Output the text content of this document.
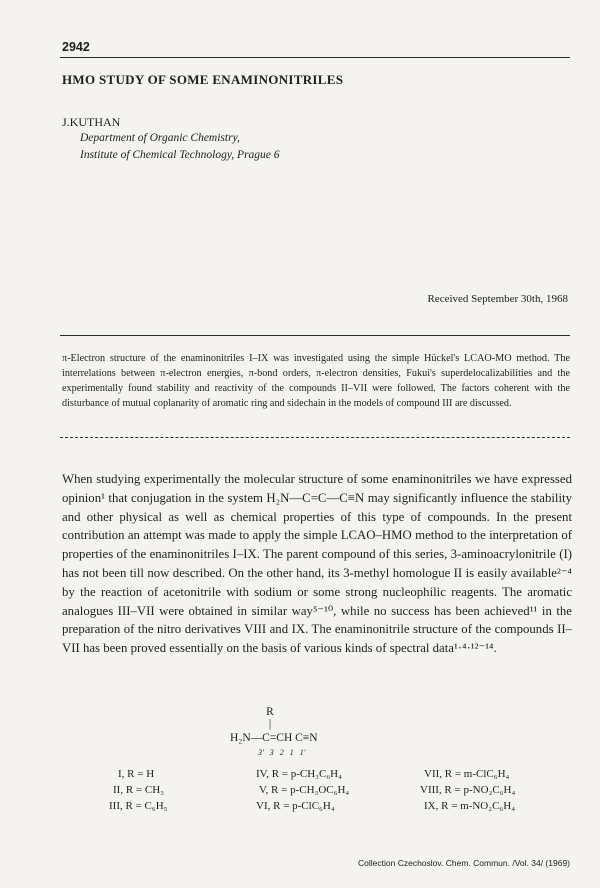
2942
HMO STUDY OF SOME ENAMINONITRILES
J.KUTHAN
Department of Organic Chemistry,
Institute of Chemical Technology, Prague 6
Received September 30th, 1968
π-Electron structure of the enaminonitriles I–IX was investigated using the simple Hückel's LCAO-MO method. The interrelations between π-electron energies, π-bond orders, π-electron densities, Fukui's superdelocalizabilities and the experimentally found stability and reactivity of the compounds II–VII were followed. The factors coherent with the disturbance of mutual coplanarity of aromatic ring and sidechain in the models of compound III are discussed.
When studying experimentally the molecular structure of some enaminonitriles we have expressed opinion¹ that conjugation in the system H₂N—C=C—C≡N may significantly influence the stability and other physical as well as chemical properties of this type of compounds. In the present contribution an attempt was made to apply the simple LCAO–HMO method to the interpretation of properties of the enaminonitriles I–IX. The parent compound of this series, 3-aminoacrylonitrile (I) has not been till now described. On the other hand, its 3-methyl homologue II is easily available²⁻⁴ by the reaction of acetonitrile with sodium or some strong nucleophilic reagents. The aromatic analogues III–VII were obtained in similar way⁵⁻¹⁰, while no success has been achieved¹¹ in the preparation of the nitro derivatives VIII and IX. The enaminonitrile structure of the compounds II–VII has been proved essentially on the basis of various kinds of spectral data¹·⁴·¹²⁻¹⁴.
R
|
H₂N—C=CH C≡N
3'   3   2   1   1'
I, R = H
II, R = CH₃
III, R = C₆H₅
IV, R = p-CH₃C₆H₄
V, R = p-CH₃OC₆H₄
VI, R = p-ClC₆H₄
VII, R = m-ClC₆H₄
VIII, R = p-NO₂C₆H₄
IX, R = m-NO₂C₆H₄
Collection Czechoslov. Chem. Commun. /Vol. 34/ (1969)
